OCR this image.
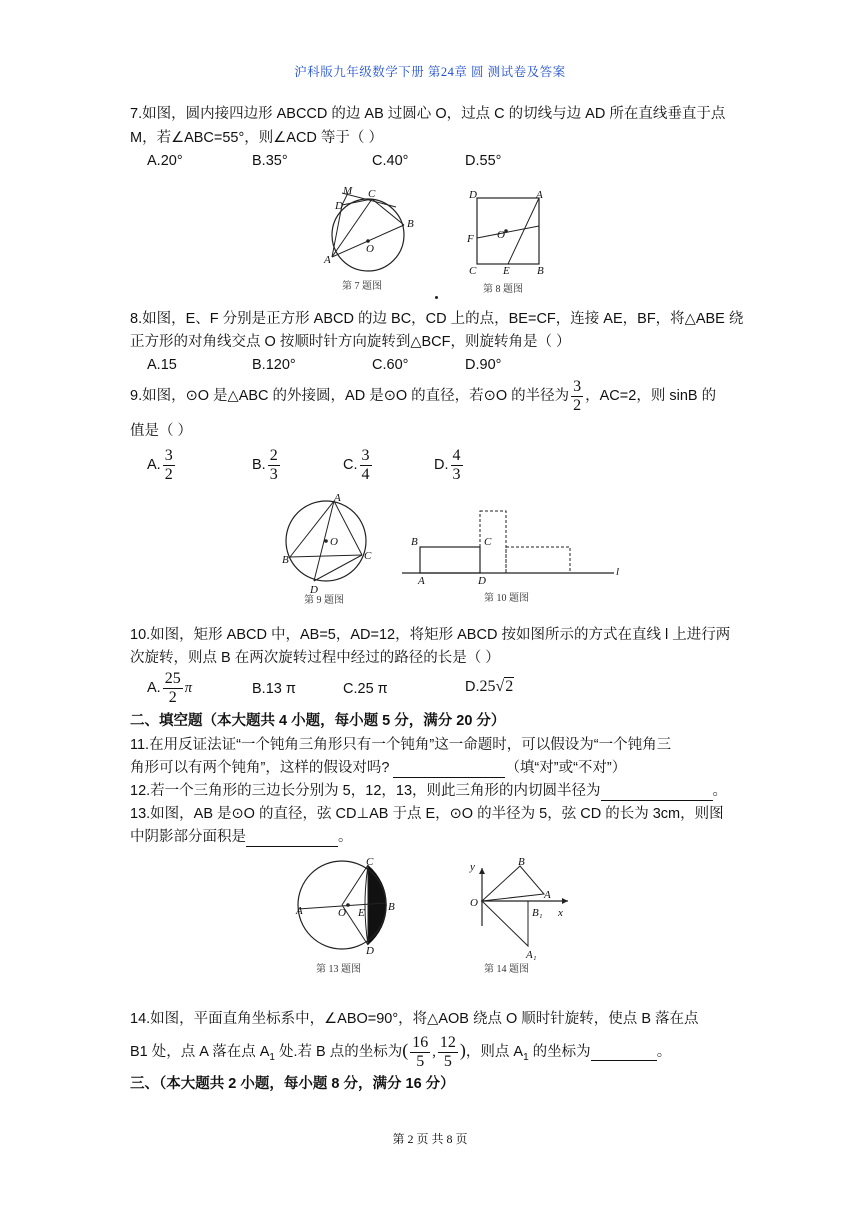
沪科版九年级数学下册 第24章 圆 测试卷及答案
7.如图，圆内接四边形 ABCCD 的边 AB 过圆心 O，过点 C 的切线与边 AD 所在直线垂直于点
M，若∠ABC=55°，则∠ACD 等于（ ）
A.20°	B.35°	C.40°	D.55°
M C
D
B
O
A
第 7 题图
D	A
F O
C E B
第 8 题图
8.如图，E、F 分别是正方形 ABCD 的边 BC，CD 上的点，BE=CF，连接 AE，BF，将△ABE 绕
正方形的对角线交点 O 按顺时针方向旋转到△BCF，则旋转角是（ ）
A.15	B.120°	C.60°	D.90°
9.如图，⊙O 是△ABC 的外接圆，AD 是⊙O 的直径，若⊙O 的半径为 $\frac{3}{2}$ ，AC=2，则 sinB 的
值是（ ）
A. $\frac{3}{2}$	B. $\frac{2}{3}$	C. $\frac{3}{4}$	D. $\frac{4}{3}$
A
O
B	C
D
第 9 题图
B	C
A	D
l
第 10 题图
10.如图，矩形 ABCD 中，AB=5，AD=12，将矩形 ABCD 按如图所示的方式在直线 l 上进行两
次旋转，则点 B 在两次旋转过程中经过的路径的长是（ ）
A. $\frac{25}{2}$ π	B.13 π	C.25 π	D.25√2
二、填空题（本大题共 4 小题，每小题 5 分，满分 20 分）
11.在用反证法证“一个钝角三角形只有一个钝角”这一命题时，可以假设为“一个钝角三
角形可以有两个钝角”，这样的假设对吗?	（填“对”或“不对”）
12.若一个三角形的三边长分别为 5，12，13，则此三角形的内切圆半径为	。
13.如图，AB 是⊙O 的直径，弦 CD⊥AB 于点 E，⊙O 的半径为 5，弦 CD 的长为 3cm，则图
中阴影部分面积是	。
C
A	O E B
D
第 13 题图
y	B
A
O
B₁ x
A₁
第 14 题图
14.如图，平面直角坐标系中，∠ABO=90°，将△AOB 绕点 O 顺时针旋转，使点 B 落在点
B1 处，点 A 落在点 $A_1$ 处.若 B 点的坐标为( $\frac{16}{5}$ , $\frac{12}{5}$ )，则点 $A_1$ 的坐标为	。
三、（本大题共 2 小题，每小题 8 分，满分 16 分）
第 2 页 共 8 页
